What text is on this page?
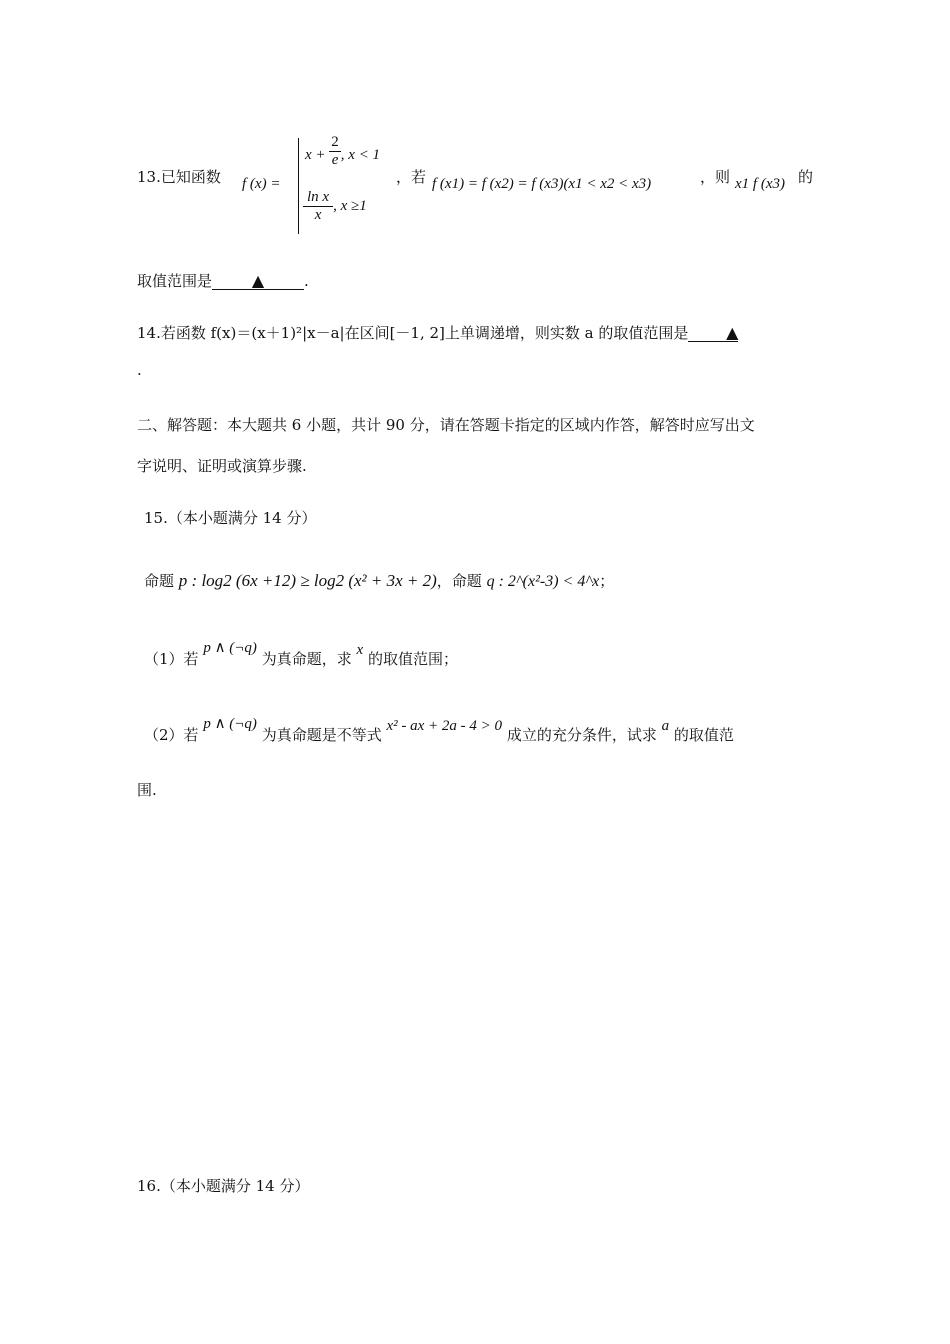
13.已知函数 f (x) =
$x + \frac{2}{e}$ , x < 1
$\frac{\text{ln x}}{x}$ , x ≥1
，若 f (x1) = f (x2) = f (x3)(x1 < x2 < x3)	，则 x1 f (x3) 的
取值范围是 ▲	.
14.若函数 f(x)＝(x＋1)²|x－a|在区间[－1, 2]上单调递增，则实数 a 的取值范围是 ▲
.
二、解答题：本大题共 6 小题，共计 90 分，请在答题卡指定的区域内作答，解答时应写出文
字说明、证明或演算步骤.
15.（本小题满分 14 分）
命题 p : log2 (6x +12) ≥ log2 (x² + 3x + 2)，命题 q : 2^(x²-3) < 4^x；
（1）若 p ∧ (¬q) 为真命题，求 x 的取值范围；
（2）若 p ∧ (¬q) 为真命题是不等式 x² - ax + 2a - 4 > 0 成立的充分条件，试求 a 的取值范
围.
16.（本小题满分 14 分）
